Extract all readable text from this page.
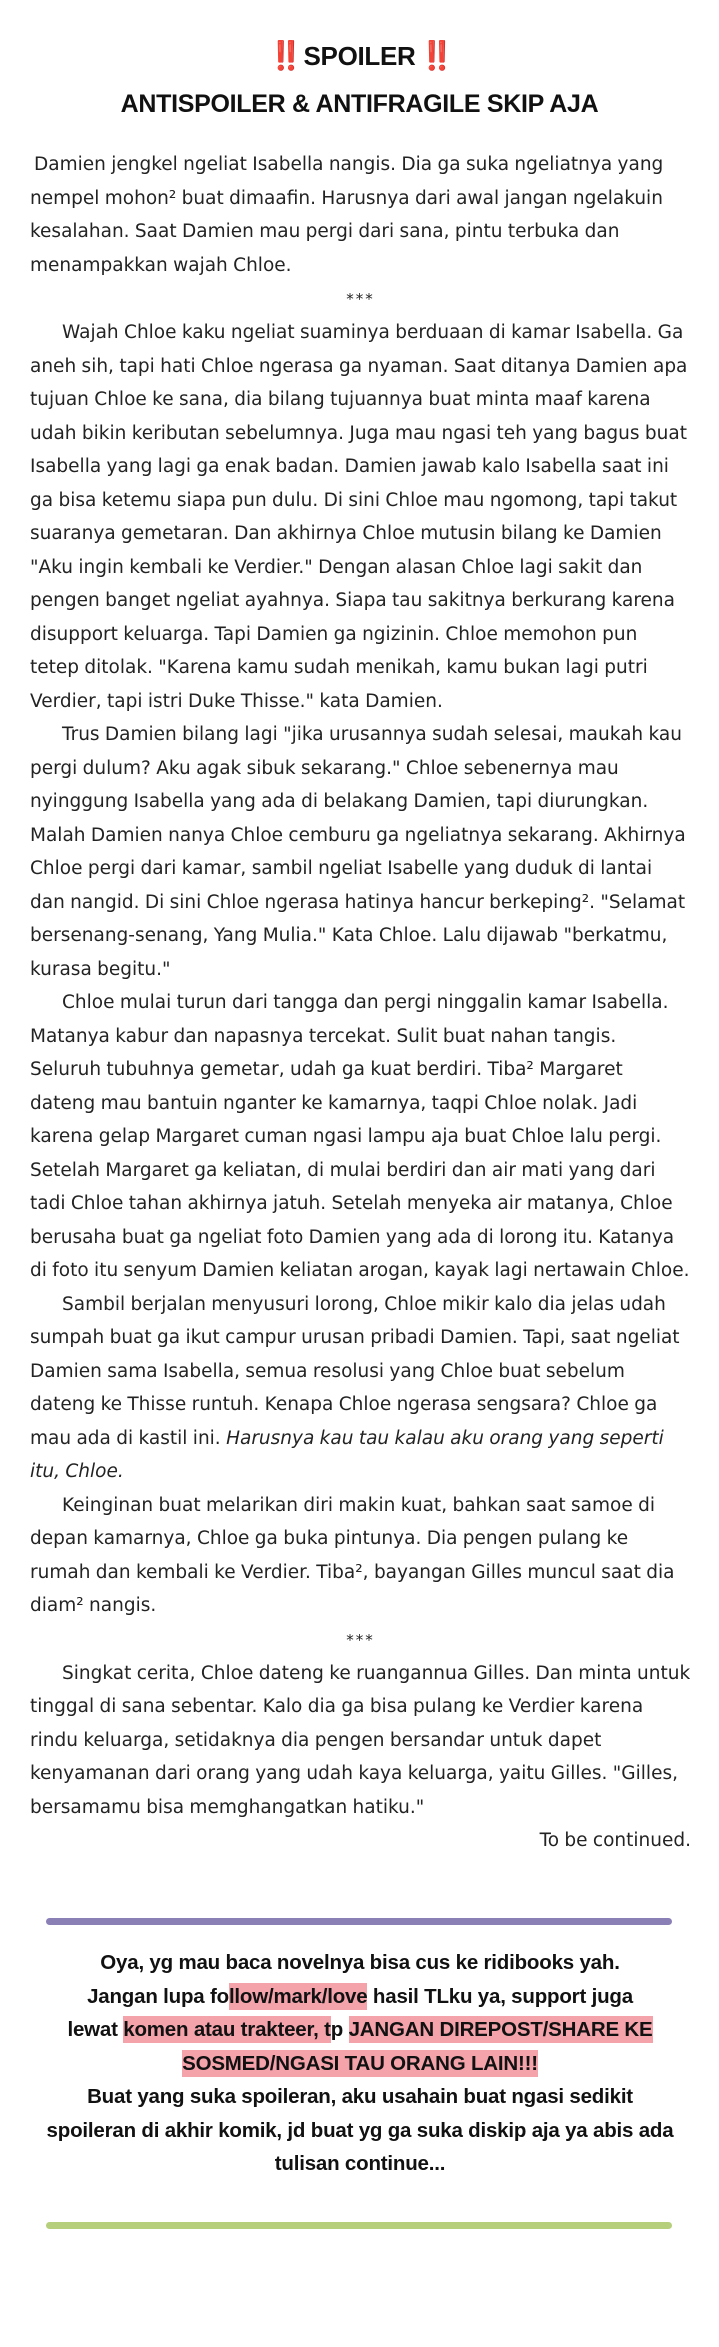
‼️ SPOILER ‼️
ANTISPOILER & ANTIFRAGILE SKIP AJA

Damien jengkel ngeliat Isabella nangis. Dia ga suka ngeliatnya yang nempel mohon² buat dimaafin. Harusnya dari awal jangan ngelakuin kesalahan. Saat Damien mau pergi dari sana, pintu terbuka dan menampakkan wajah Chloe.

***

Wajah Chloe kaku ngeliat suaminya berduaan di kamar Isabella. Ga aneh sih, tapi hati Chloe ngerasa ga nyaman. Saat ditanya Damien apa tujuan Chloe ke sana, dia bilang tujuannya buat minta maaf karena udah bikin keributan sebelumnya. Juga mau ngasi teh yang bagus buat Isabella yang lagi ga enak badan. Damien jawab kalo Isabella saat ini ga bisa ketemu siapa pun dulu. Di sini Chloe mau ngomong, tapi takut suaranya gemetaran. Dan akhirnya Chloe mutusin bilang ke Damien "Aku ingin kembali ke Verdier." Dengan alasan Chloe lagi sakit dan pengen banget ngeliat ayahnya. Siapa tau sakitnya berkurang karena disupport keluarga. Tapi Damien ga ngizinin. Chloe memohon pun tetep ditolak. "Karena kamu sudah menikah, kamu bukan lagi putri Verdier, tapi istri Duke Thisse." kata Damien.

Trus Damien bilang lagi "jika urusannya sudah selesai, maukah kau pergi dulum? Aku agak sibuk sekarang." Chloe sebenernya mau nyinggung Isabella yang ada di belakang Damien, tapi diurungkan. Malah Damien nanya Chloe cemburu ga ngeliatnya sekarang. Akhirnya Chloe pergi dari kamar, sambil ngeliat Isabelle yang duduk di lantai dan nangid. Di sini Chloe ngerasa hatinya hancur berkeping². "Selamat bersenang-senang, Yang Mulia." Kata Chloe. Lalu dijawab "berkatmu, kurasa begitu."

Chloe mulai turun dari tangga dan pergi ninggalin kamar Isabella. Matanya kabur dan napasnya tercekat. Sulit buat nahan tangis. Seluruh tubuhnya gemetar, udah ga kuat berdiri. Tiba² Margaret dateng mau bantuin nganter ke kamarnya, taqpi Chloe nolak. Jadi karena gelap Margaret cuman ngasi lampu aja buat Chloe lalu pergi. Setelah Margaret ga keliatan, di mulai berdiri dan air mati yang dari tadi Chloe tahan akhirnya jatuh. Setelah menyeka air matanya, Chloe berusaha buat ga ngeliat foto Damien yang ada di lorong itu. Katanya di foto itu senyum Damien keliatan arogan, kayak lagi nertawain Chloe.

Sambil berjalan menyusuri lorong, Chloe mikir kalo dia jelas udah sumpah buat ga ikut campur urusan pribadi Damien. Tapi, saat ngeliat Damien sama Isabella, semua resolusi yang Chloe buat sebelum dateng ke Thisse runtuh. Kenapa Chloe ngerasa sengsara? Chloe ga mau ada di kastil ini. Harusnya kau tau kalau aku orang yang seperti itu, Chloe.

Keinginan buat melarikan diri makin kuat, bahkan saat samoe di depan kamarnya, Chloe ga buka pintunya. Dia pengen pulang ke rumah dan kembali ke Verdier. Tiba², bayangan Gilles muncul saat dia diam² nangis.

***

Singkat cerita, Chloe dateng ke ruangannua Gilles. Dan minta untuk tinggal di sana sebentar. Kalo dia ga bisa pulang ke Verdier karena rindu keluarga, setidaknya dia pengen bersandar untuk dapet kenyamanan dari orang yang udah kaya keluarga, yaitu Gilles. "Gilles, bersamamu bisa memghangatkan hatiku."

To be continued.

Oya, yg mau baca novelnya bisa cus ke ridibooks yah.

Jangan lupa follow/mark/love hasil TLku ya, support juga

lewat komen atau trakteer, tp JANGAN DIREPOST/SHARE KE

SOSMED/NGASI TAU ORANG LAIN!!!

Buat yang suka spoileran, aku usahain buat ngasi sedikit spoileran di akhir komik, jd buat yg ga suka diskip aja ya abis ada tulisan continue...
